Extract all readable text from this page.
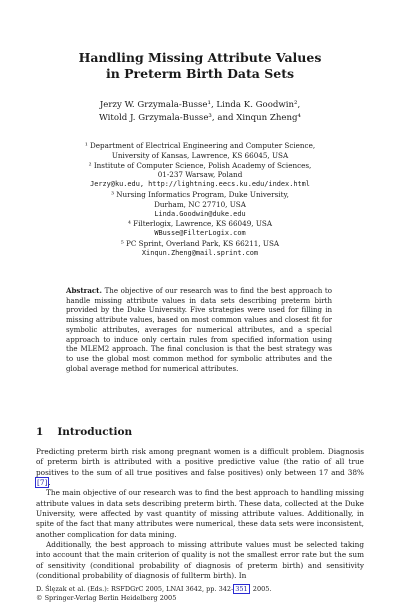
Handling Missing Attribute Values
in Preterm Birth Data Sets
Jerzy W. Grzymala-Busse¹, Linda K. Goodwin²,
Witold J. Grzymala-Busse³, and Xinqun Zheng⁴
¹ Department of Electrical Engineering and Computer Science,
University of Kansas, Lawrence, KS 66045, USA
² Institute of Computer Science, Polish Academy of Sciences,
01-237 Warsaw, Poland
Jerzy@ku.edu, http://lightning.eecs.ku.edu/index.html
³ Nursing Informatics Program, Duke University,
Durham, NC 27710, USA
Linda.Goodwin@duke.edu
⁴ Filterlogix, Lawrence, KS 66049, USA
WBusse@FilterLogix.com
⁵ PC Sprint, Overland Park, KS 66211, USA
Xinqun.Zheng@mail.sprint.com
Abstract. The objective of our research was to find the best approach to handle missing attribute values in data sets describing preterm birth provided by the Duke University. Five strategies were used for filling in missing attribute values, based on most common values and closest fit for symbolic attributes, averages for numerical attributes, and a special approach to induce only certain rules from specified information using the MLEM2 approach. The final conclusion is that the best strategy was to use the global most common method for symbolic attributes and the global average method for numerical attributes.
1 Introduction

Predicting preterm birth risk among pregnant women is a difficult problem. Diagnosis of preterm birth is attributed with a positive predictive value (the ratio of all true positives to the sum of all true positives and false positives) only between 17 and 38% [7].

The main objective of our research was to find the best approach to handling missing attribute values in data sets describing preterm birth. These data, collected at the Duke University, were affected by vast quantity of missing attribute values. Additionally, in spite of the fact that many attributes were numerical, these data sets were inconsistent, another complication for data mining.

Additionally, the best approach to missing attribute values must be selected taking into account that the main criterion of quality is not the smallest error rate but the sum of sensitivity (conditional probability of diagnosis of preterm birth) and sensitivity (conditional probability of diagnosis of fullterm birth). In

D. Ślęzak et al. (Eds.): RSFDGrC 2005, LNAI 3642, pp. 342–351, 2005.
© Springer-Verlag Berlin Heidelberg 2005
